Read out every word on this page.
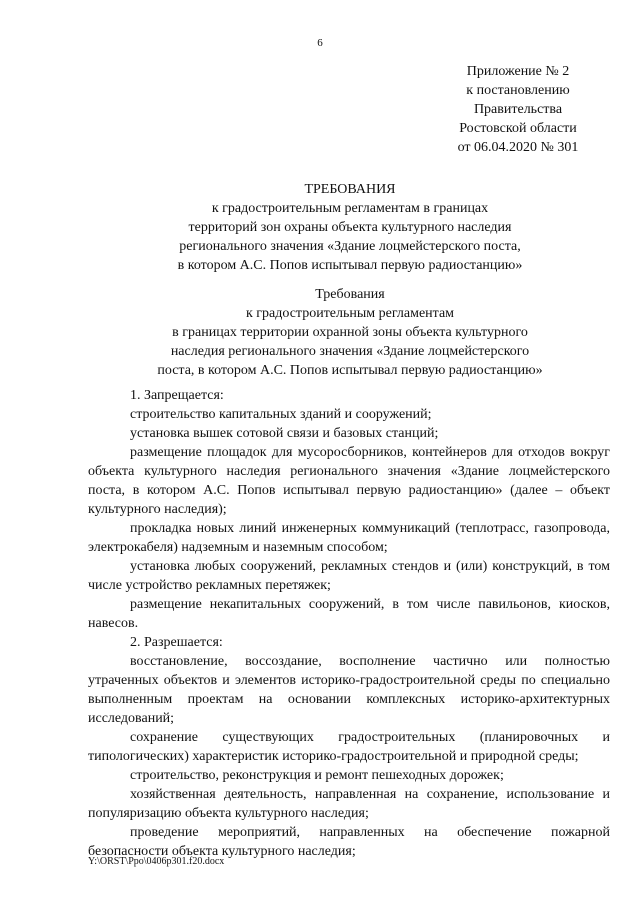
6
Приложение № 2
к постановлению
Правительства
Ростовской области
от 06.04.2020 № 301
ТРЕБОВАНИЯ
к градостроительным регламентам в границах
территорий зон охраны объекта культурного наследия
регионального значения «Здание лоцмейстерского поста,
в котором А.С. Попов испытывал первую радиостанцию»
Требования
к градостроительным регламентам
в границах территории охранной зоны объекта культурного
наследия регионального значения «Здание лоцмейстерского
поста, в котором А.С. Попов испытывал первую радиостанцию»

1. Запрещается:

строительство капитальных зданий и сооружений;

установка вышек сотовой связи и базовых станций;

размещение площадок для мусоросборников, контейнеров для отходов вокруг объекта культурного наследия регионального значения «Здание лоцмейстерского поста, в котором А.С. Попов испытывал первую радиостанцию» (далее – объект культурного наследия);

прокладка новых линий инженерных коммуникаций (теплотрасс, газопровода, электрокабеля) надземным и наземным способом;

установка любых сооружений, рекламных стендов и (или) конструкций, в том числе устройство рекламных перетяжек;

размещение некапитальных сооружений, в том числе павильонов, киосков, навесов.

2. Разрешается:

восстановление, воссоздание, восполнение частично или полностью утраченных объектов и элементов историко-градостроительной среды по специально выполненным проектам на основании комплексных историко-архитектурных исследований;

сохранение существующих градостроительных (планировочных и типологических) характеристик историко-градостроительной и природной среды;

строительство, реконструкция и ремонт пешеходных дорожек;

хозяйственная деятельность, направленная на сохранение, использование и популяризацию объекта культурного наследия;

проведение мероприятий, направленных на обеспечение пожарной безопасности объекта культурного наследия;

Y:\ORST\Ppo\0406p301.f20.docx
